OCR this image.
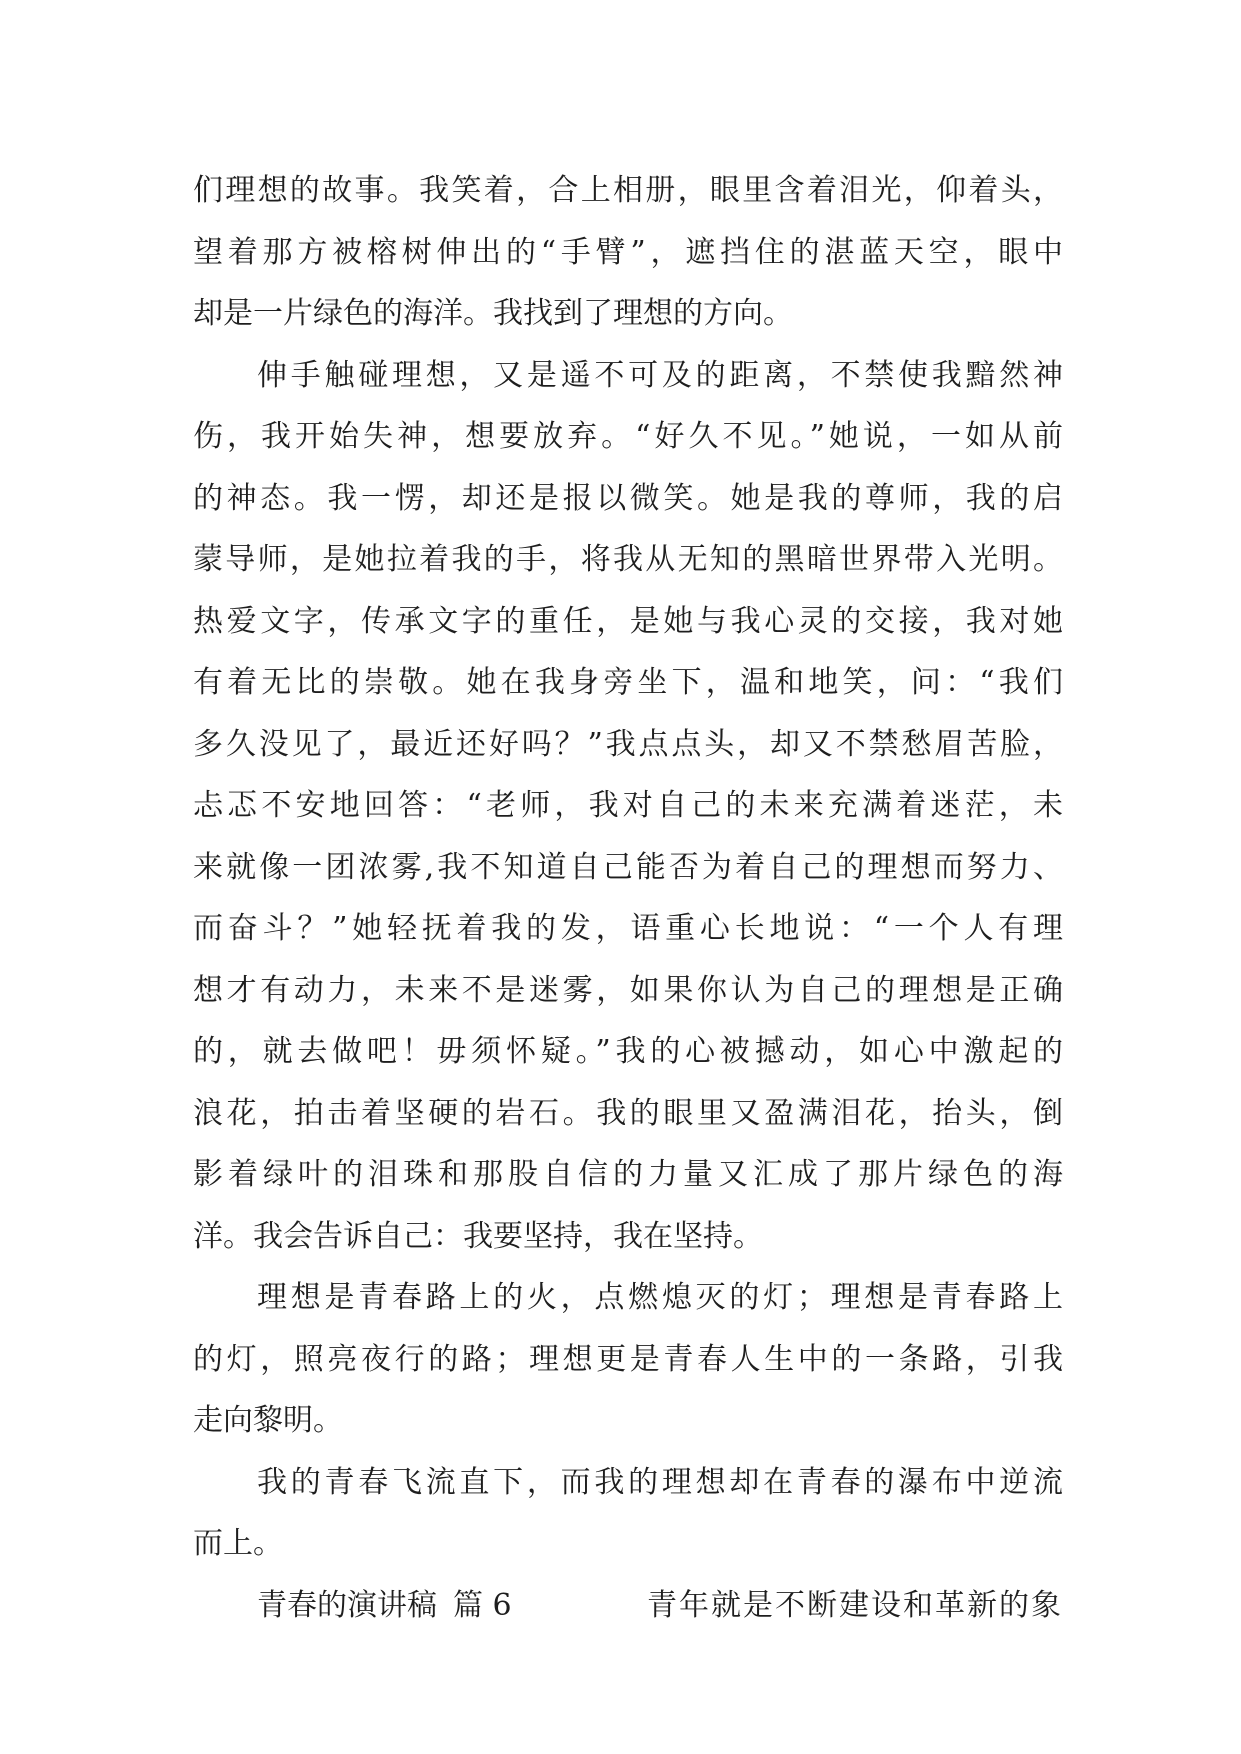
们理想的故事。我笑着，合上相册，眼里含着泪光，仰着头，
望着那方被榕树伸出的“手臂”，遮挡住的湛蓝天空，眼中
却是一片绿色的海洋。我找到了理想的方向。
伸手触碰理想，又是遥不可及的距离，不禁使我黯然神
伤，我开始失神，想要放弃。“好久不见。”她说，一如从前
的神态。我一愣，却还是报以微笑。她是我的尊师，我的启
蒙导师，是她拉着我的手，将我从无知的黑暗世界带入光明。
热爱文字，传承文字的重任，是她与我心灵的交接，我对她
有着无比的崇敬。她在我身旁坐下，温和地笑，问：“我们
多久没见了，最近还好吗？”我点点头，却又不禁愁眉苦脸，
忐忑不安地回答：“老师，我对自己的未来充满着迷茫，未
来就像一团浓雾,我不知道自己能否为着自己的理想而努力、
而奋斗？”她轻抚着我的发，语重心长地说：“一个人有理
想才有动力，未来不是迷雾，如果你认为自己的理想是正确
的，就去做吧！毋须怀疑。”我的心被撼动，如心中激起的
浪花，拍击着坚硬的岩石。我的眼里又盈满泪花，抬头，倒
影着绿叶的泪珠和那股自信的力量又汇成了那片绿色的海
洋。我会告诉自己：我要坚持，我在坚持。
理想是青春路上的火，点燃熄灭的灯；理想是青春路上
的灯，照亮夜行的路；理想更是青春人生中的一条路，引我
走向黎明。
我的青春飞流直下，而我的理想却在青春的瀑布中逆流
而上。
青春的演讲稿 篇 6	青年就是不断建设和革新的象
